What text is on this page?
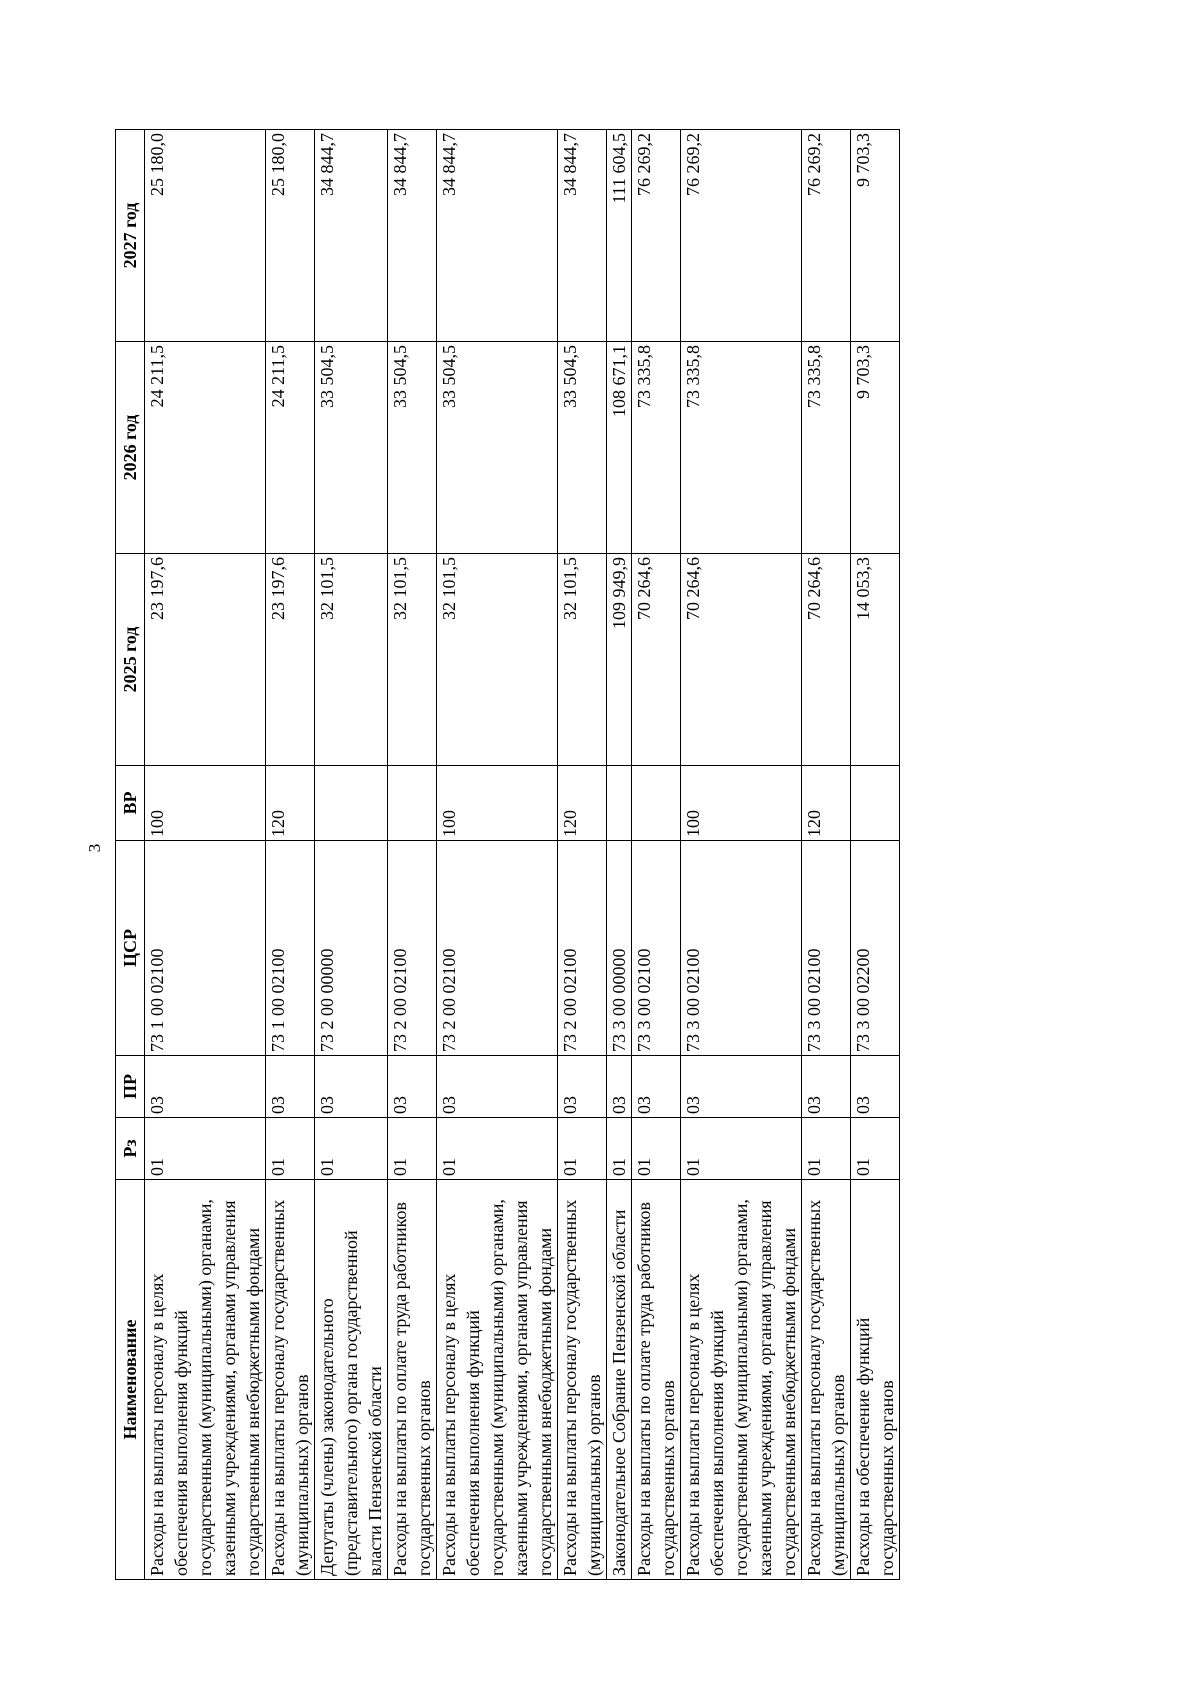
3
Наименование	Рз	ПР	ЦСР	ВР	2025 год	2026 год	2027 год
Расходы на выплаты персоналу в целях обеспечения выполнения функций государственными (муниципальными) органами, казенными учреждениями, органами управления государственными внебюджетными фондами	01	03	73 1 00 02100	100	23 197,6	24 211,5	25 180,0
Расходы на выплаты персоналу государственных (муниципальных) органов	01	03	73 1 00 02100	120	23 197,6	24 211,5	25 180,0
Депутаты (члены) законодательного (представительного) органа государственной власти Пензенской области	01	03	73 2 00 00000		32 101,5	33 504,5	34 844,7
Расходы на выплаты по оплате труда работников государственных органов	01	03	73 2 00 02100		32 101,5	33 504,5	34 844,7
Расходы на выплаты персоналу в целях обеспечения выполнения функций государственными (муниципальными) органами, казенными учреждениями, органами управления государственными внебюджетными фондами	01	03	73 2 00 02100	100	32 101,5	33 504,5	34 844,7
Расходы на выплаты персоналу государственных (муниципальных) органов	01	03	73 2 00 02100	120	32 101,5	33 504,5	34 844,7
Законодательное Собрание Пензенской области	01	03	73 3 00 00000		109 949,9	108 671,1	111 604,5
Расходы на выплаты по оплате труда работников государственных органов	01	03	73 3 00 02100		70 264,6	73 335,8	76 269,2
Расходы на выплаты персоналу в целях обеспечения выполнения функций государственными (муниципальными) органами, казенными учреждениями, органами управления государственными внебюджетными фондами	01	03	73 3 00 02100	100	70 264,6	73 335,8	76 269,2
Расходы на выплаты персоналу государственных (муниципальных) органов	01	03	73 3 00 02100	120	70 264,6	73 335,8	76 269,2
Расходы на обеспечение функций государственных органов	01	03	73 3 00 02200		14 053,3	9 703,3	9 703,3
